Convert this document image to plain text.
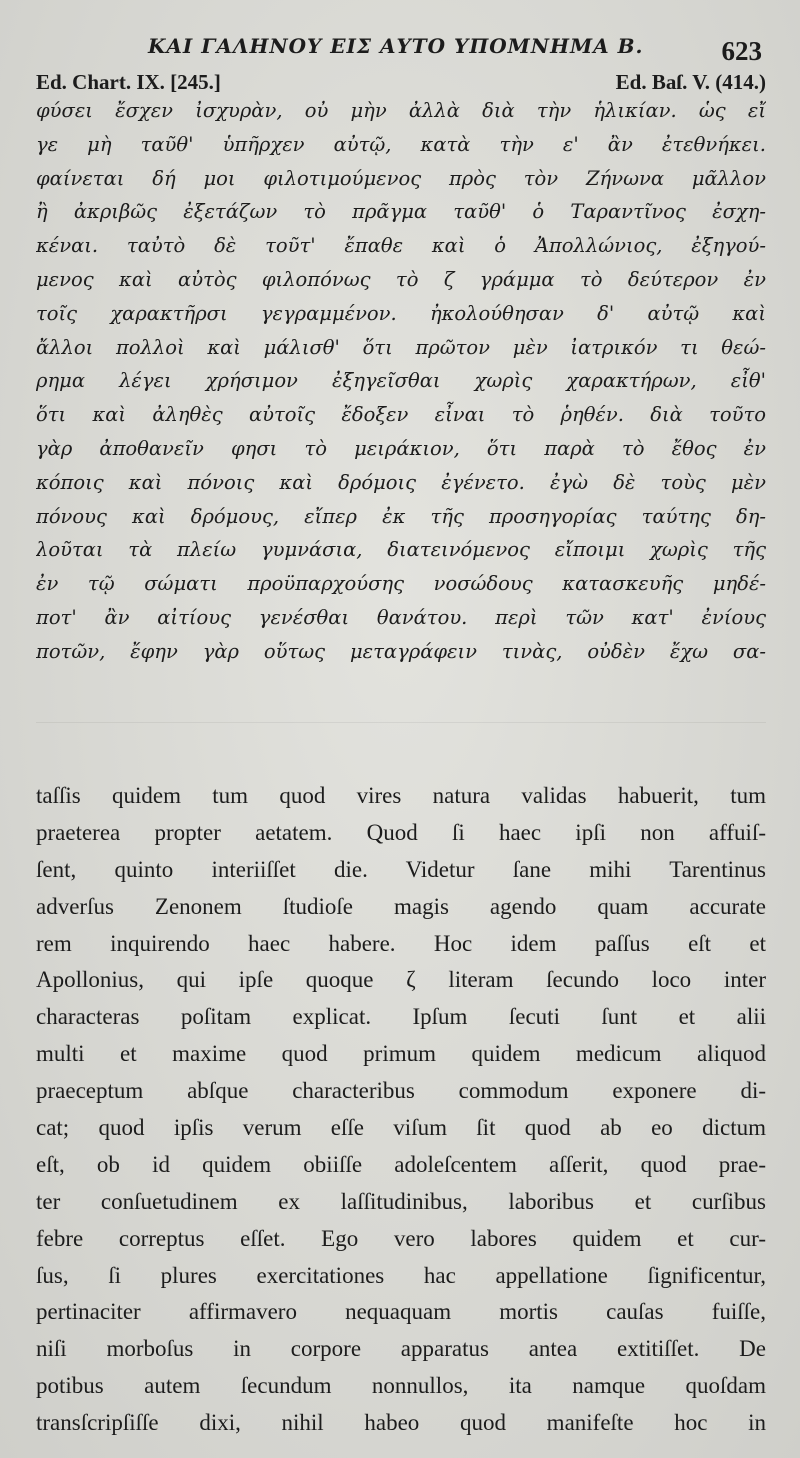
ΚΑΙ ΓΑΛΗΝΟΥ ΕΙΣ ΑΥΤΟ ΥΠΟΜΝΗΜΑ Β.	623
Ed. Chart. IX. [245.]	Ed. Baſ. V. (414.)
φύσει ἔσχεν ἰσχυρὰν, οὐ μὴν ἀλλὰ διὰ τὴν ἡλικίαν. ὡς εἴ
γε μὴ ταῦθ' ὑπῆρχεν αὐτῷ, κατὰ τὴν ε' ἂν ἐτεθνήκει.
φαίνεται δή μοι φιλοτιμούμενος πρὸς τὸν Ζήνωνα μᾶλλον
ἢ ἀκριβῶς ἐξετάζων τὸ πρᾶγμα ταῦθ' ὁ Ταραντῖνος ἐσχη-
κέναι. ταὐτὸ δὲ τοῦτ' ἔπαθε καὶ ὁ Ἀπολλώνιος, ἐξηγού-
μενος καὶ αὐτὸς φιλοπόνως τὸ ζ γράμμα τὸ δεύτερον ἐν
τοῖς χαρακτῆρσι γεγραμμένον. ἠκολούθησαν δ' αὐτῷ καὶ
ἄλλοι πολλοὶ καὶ μάλισθ' ὅτι πρῶτον μὲν ἰατρικόν τι θεώ-
ρημα λέγει χρήσιμον ἐξηγεῖσθαι χωρὶς χαρακτήρων, εἶθ'
ὅτι καὶ ἀληθὲς αὐτοῖς ἔδοξεν εἶναι τὸ ῥηθέν. διὰ τοῦτο
γὰρ ἀποθανεῖν φησι τὸ μειράκιον, ὅτι παρὰ τὸ ἔθος ἐν
κόποις καὶ πόνοις καὶ δρόμοις ἐγένετο. ἐγὼ δὲ τοὺς μὲν
πόνους καὶ δρόμους, εἴπερ ἐκ τῆς προσηγορίας ταύτης δη-
λοῦται τὰ πλείω γυμνάσια, διατεινόμενος εἴποιμι χωρὶς τῆς
ἐν τῷ σώματι προϋπαρχούσης νοσώδους κατασκευῆς μηδέ-
ποτ' ἂν αἰτίους γενέσθαι θανάτου. περὶ τῶν κατ' ἐνίους
ποτῶν, ἔφην γὰρ οὕτως μεταγράφειν τινὰς, οὐδὲν ἔχω σα-
taſſis quidem tum quod vires natura validas habuerit, tum
praeterea propter aetatem. Quod ſi haec ipſi non affuiſ-
ſent, quinto interiiſſet die. Videtur ſane mihi Tarentinus
adverſus Zenonem ſtudioſe magis agendo quam accurate
rem inquirendo haec habere. Hoc idem paſſus eſt et
Apollonius, qui ipſe quoque ζ literam ſecundo loco inter
characteras poſitam explicat. Ipſum ſecuti ſunt et alii
multi et maxime quod primum quidem medicum aliquod
praeceptum abſque characteribus commodum exponere di-
cat; quod ipſis verum eſſe viſum ſit quod ab eo dictum
eſt, ob id quidem obiiſſe adoleſcentem aſſerit, quod prae-
ter conſuetudinem ex laſſitudinibus, laboribus et curſibus
febre correptus eſſet. Ego vero labores quidem et cur-
ſus, ſi plures exercitationes hac appellatione ſignificentur,
pertinaciter affirmavero nequaquam mortis cauſas fuiſſe,
niſi morboſus in corpore apparatus antea extitiſſet. De
potibus autem ſecundum nonnullos, ita namque quoſdam
transſcripſiſſe dixi, nihil habeo quod manifeſte hoc in
